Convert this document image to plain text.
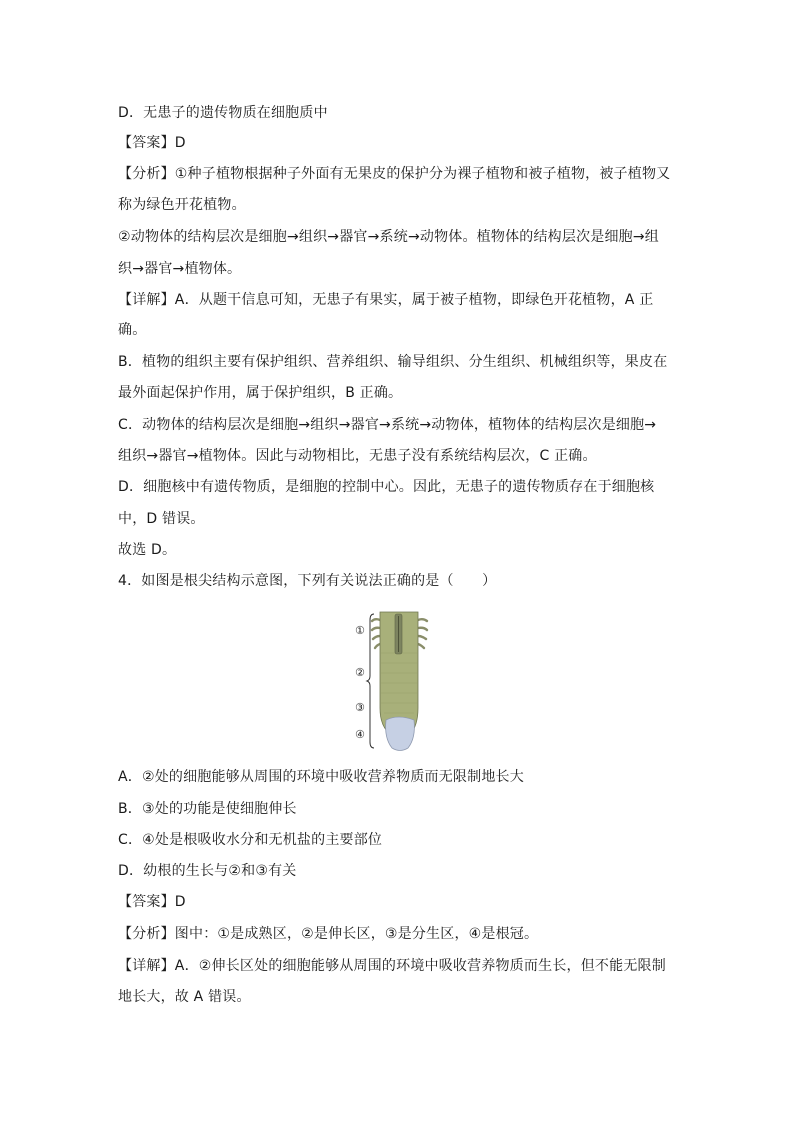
D．无患子的遗传物质在细胞质中
【答案】D
【分析】①种子植物根据种子外面有无果皮的保护分为裸子植物和被子植物，被子植物又
称为绿色开花植物。
②动物体的结构层次是细胞→组织→器官→系统→动物体。植物体的结构层次是细胞→组
织→器官→植物体。
【详解】A．从题干信息可知，无患子有果实，属于被子植物，即绿色开花植物，A 正
确。
B．植物的组织主要有保护组织、营养组织、输导组织、分生组织、机械组织等，果皮在
最外面起保护作用，属于保护组织，B 正确。
C．动物体的结构层次是细胞→组织→器官→系统→动物体，植物体的结构层次是细胞→
组织→器官→植物体。因此与动物相比，无患子没有系统结构层次，C 正确。
D．细胞核中有遗传物质，是细胞的控制中心。因此，无患子的遗传物质存在于细胞核
中，D 错误。
故选 D。
4．如图是根尖结构示意图，下列有关说法正确的是（　　）
①
②
③
④
A．②处的细胞能够从周围的环境中吸收营养物质而无限制地长大
B．③处的功能是使细胞伸长
C．④处是根吸收水分和无机盐的主要部位
D．幼根的生长与②和③有关
【答案】D
【分析】图中：①是成熟区，②是伸长区，③是分生区，④是根冠。
【详解】A．②伸长区处的细胞能够从周围的环境中吸收营养物质而生长，但不能无限制
地长大，故 A 错误。
